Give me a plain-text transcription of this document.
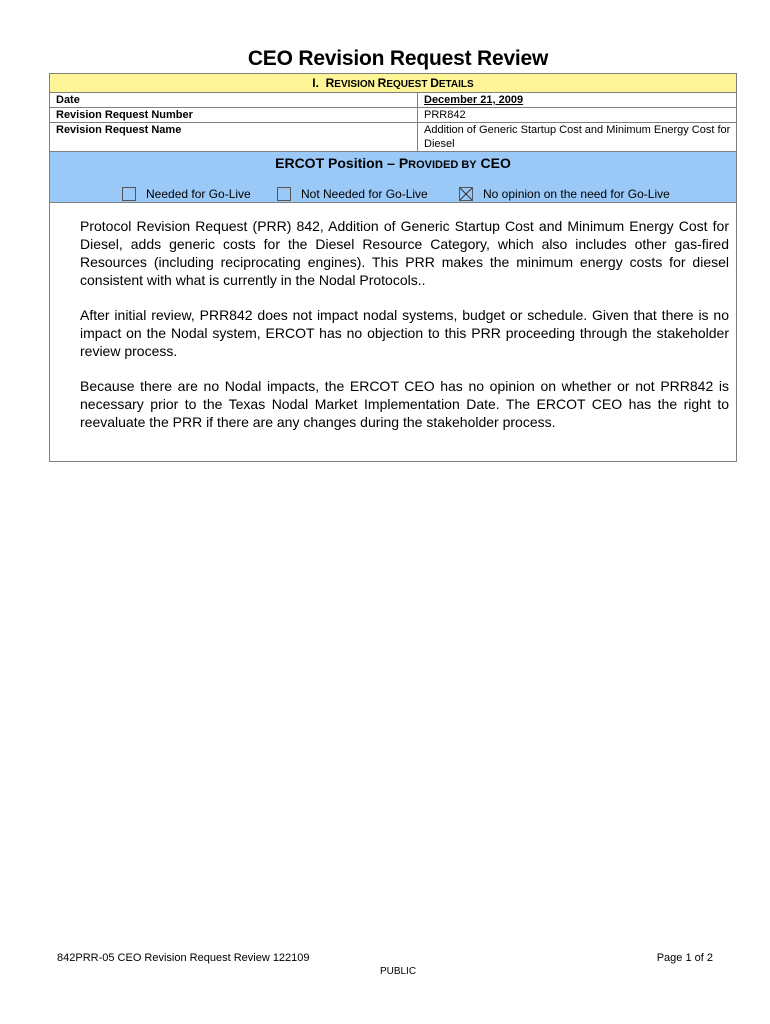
CEO Revision Request Review
I. REVISION REQUEST DETAILS
Date	December 21, 2009
Revision Request Number	PRR842
Revision Request Name	Addition of Generic Startup Cost and Minimum Energy Cost for Diesel
ERCOT Position – PROVIDED BY CEO
Needed for Go-Live	Not Needed for Go-Live	No opinion on the need for Go-Live

Protocol Revision Request (PRR) 842, Addition of Generic Startup Cost and Minimum Energy Cost for Diesel, adds generic costs for the Diesel Resource Category, which also includes other gas-fired Resources (including reciprocating engines). This PRR makes the minimum energy costs for diesel consistent with what is currently in the Nodal Protocols..

After initial review, PRR842 does not impact nodal systems, budget or schedule. Given that there is no impact on the Nodal system, ERCOT has no objection to this PRR proceeding through the stakeholder review process.

Because there are no Nodal impacts, the ERCOT CEO has no opinion on whether or not PRR842 is necessary prior to the Texas Nodal Market Implementation Date. The ERCOT CEO has the right to reevaluate the PRR if there are any changes during the stakeholder process.

842PRR-05 CEO Revision Request Review 122109	Page 1 of 2
PUBLIC
